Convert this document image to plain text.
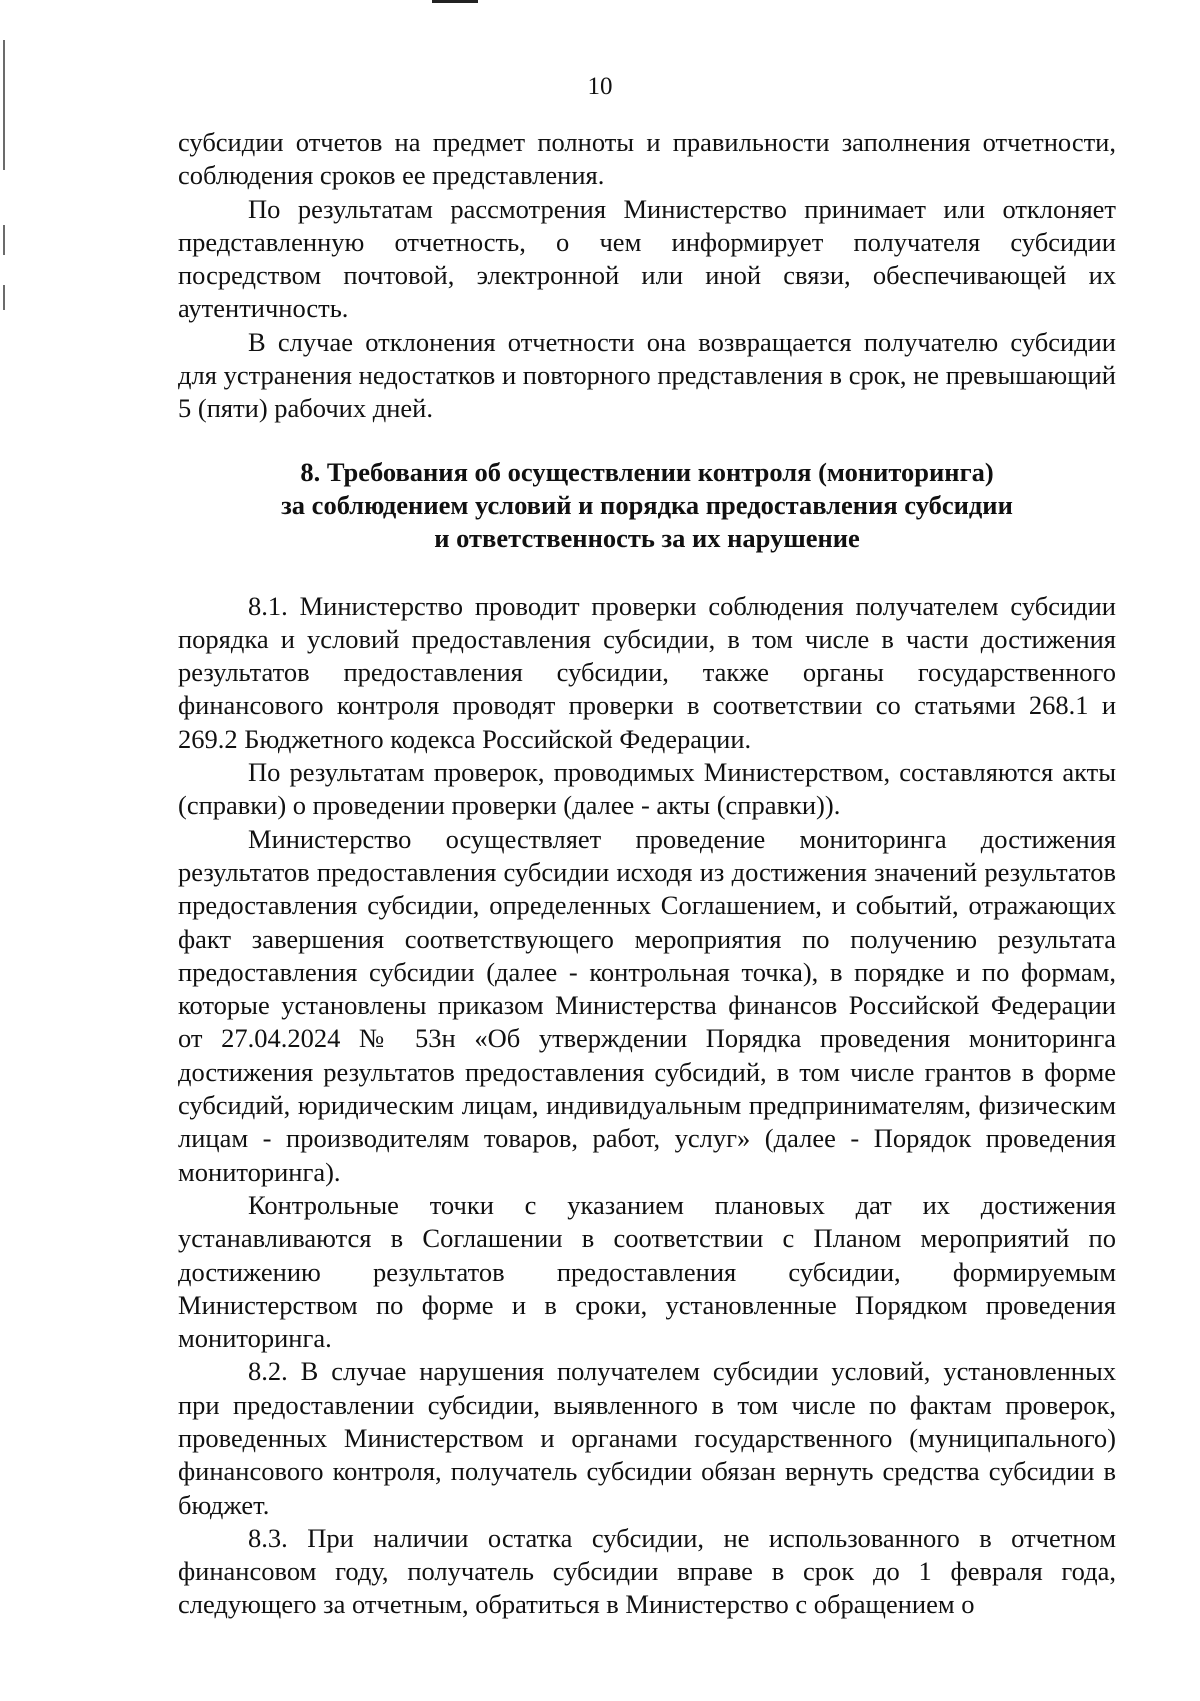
10

субсидии отчетов на предмет полноты и правильности заполнения отчетности, соблюдения сроков ее представления.

По результатам рассмотрения Министерство принимает или отклоняет представленную отчетность, о чем информирует получателя субсидии посредством почтовой, электронной или иной связи, обеспечивающей их аутентичность.

В случае отклонения отчетности она возвращается получателю субсидии для устранения недостатков и повторного представления в срок, не превышающий 5 (пяти) рабочих дней.

8. Требования об осуществлении контроля (мониторинга)
за соблюдением условий и порядка предоставления субсидии
и ответственность за их нарушение

8.1. Министерство проводит проверки соблюдения получателем субсидии порядка и условий предоставления субсидии, в том числе в части достижения результатов предоставления субсидии, также органы государственного финансового контроля проводят проверки в соответствии со статьями 268.1 и 269.2 Бюджетного кодекса Российской Федерации.

По результатам проверок, проводимых Министерством, составляются акты (справки) о проведении проверки (далее - акты (справки)).

Министерство осуществляет проведение мониторинга достижения результатов предоставления субсидии исходя из достижения значений результатов предоставления субсидии, определенных Соглашением, и событий, отражающих факт завершения соответствующего мероприятия по получению результата предоставления субсидии (далее - контрольная точка), в порядке и по формам, которые установлены приказом Министерства финансов Российской Федерации от 27.04.2024 № 53н «Об утверждении Порядка проведения мониторинга достижения результатов предоставления субсидий, в том числе грантов в форме субсидий, юридическим лицам, индивидуальным предпринимателям, физическим лицам - производителям товаров, работ, услуг» (далее - Порядок проведения мониторинга).

Контрольные точки с указанием плановых дат их достижения устанавливаются в Соглашении в соответствии с Планом мероприятий по достижению результатов предоставления субсидии, формируемым Министерством по форме и в сроки, установленные Порядком проведения мониторинга.

8.2. В случае нарушения получателем субсидии условий, установленных при предоставлении субсидии, выявленного в том числе по фактам проверок, проведенных Министерством и органами государственного (муниципального) финансового контроля, получатель субсидии обязан вернуть средства субсидии в бюджет.

8.3. При наличии остатка субсидии, не использованного в отчетном финансовом году, получатель субсидии вправе в срок до 1 февраля года, следующего за отчетным, обратиться в Министерство с обращением о
